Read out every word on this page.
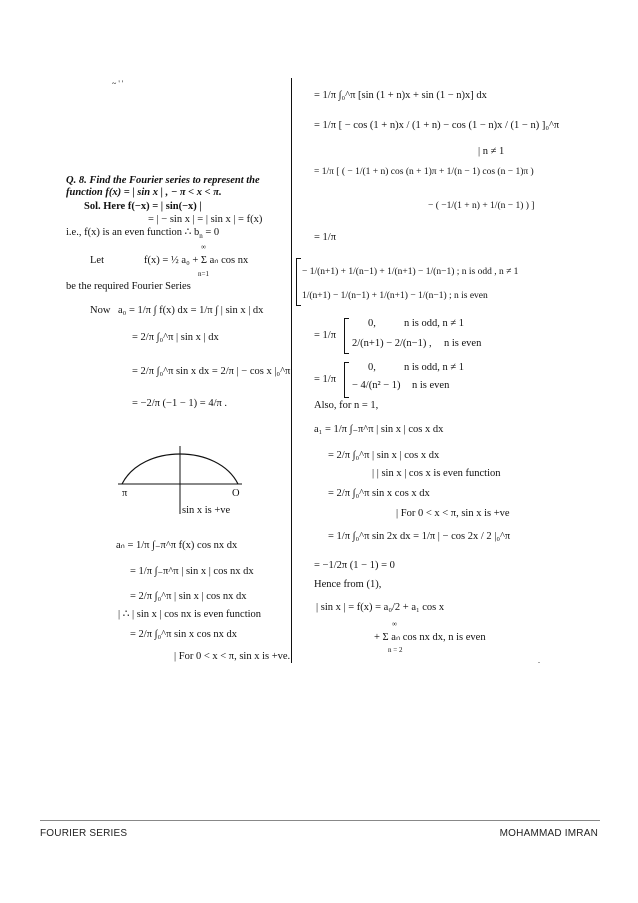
~ ' '
Q. 8. Find the Fourier series to represent the function f(x) = | sin x | , − π < x < π.
Sol. Here f(−x) = | sin(−x) |
= | − sin x | = | sin x | = f(x)
i.e., f(x) is an even function ∴ $b_n = 0$
Let	f(x) = ½ a₀ + Σ aₙ cos nx
∞
n=1
be the required Fourier Series
Now a₀ = 1/π ∫ f(x) dx = 1/π ∫ | sin x | dx
= 2/π ∫₀^π | sin x | dx
= 2/π ∫₀^π sin x dx = 2/π | − cos x |₀^π
= −2/π (−1 − 1) = 4/π .
π	O
sin x is +ve
aₙ = 1/π ∫₋π^π f(x) cos nx dx
= 1/π ∫₋π^π | sin x | cos nx dx
= 2/π ∫₀^π | sin x | cos nx dx
| ∴ | sin x | cos nx is even function
= 2/π ∫₀^π sin x cos nx dx
| For 0 < x < π, sin x is +ve.
= 1/π ∫₀^π [sin (1 + n)x + sin (1 − n)x] dx
= 1/π [ − cos (1 + n)x / (1 + n) − cos (1 − n)x / (1 − n) ]₀^π
| n ≠ 1
= 1/π [ ( − 1/(1 + n) cos (n + 1)π + 1/(n − 1) cos (n − 1)π )
− ( −1/(1 + n) + 1/(n − 1) ) ]
= 1/π
− 1/(n+1) + 1/(n−1) + 1/(n+1) − 1/(n−1) ; n is odd , n ≠ 1
1/(n+1) − 1/(n−1) + 1/(n+1) − 1/(n−1) ; n is even
= 1/π
0,	n is odd, n ≠ 1
2/(n+1) − 2/(n−1) , n is even
= 1/π
0,	n is odd, n ≠ 1
− 4/(n² − 1) n is even
Also, for n = 1,
a₁ = 1/π ∫₋π^π | sin x | cos x dx
= 2/π ∫₀^π | sin x | cos x dx
| | sin x | cos x is even function
= 2/π ∫₀^π sin x cos x dx
| For 0 < x < π, sin x is +ve
= 1/π ∫₀^π sin 2x dx = 1/π | − cos 2x / 2 |₀^π
= −1/2π (1 − 1) = 0
Hence from (1),
| sin x | = f(x) = a₀/2 + a₁ cos x
+ Σ aₙ cos nx dx, n is even
∞
n = 2
.
FOURIER SERIES	MOHAMMAD IMRAN
